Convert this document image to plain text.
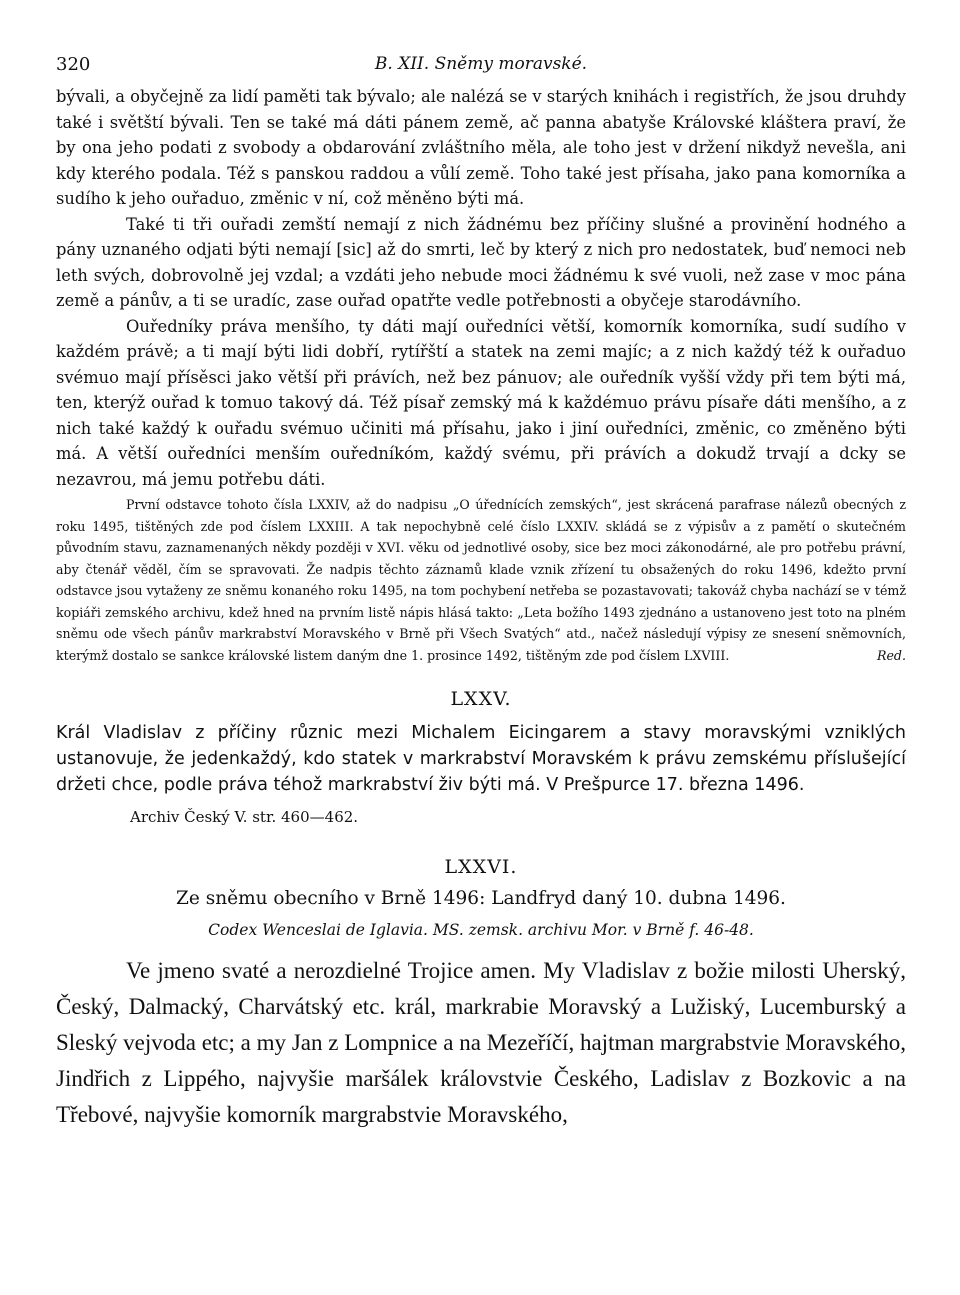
320	B. XII. Sněmy moravské.

bývali, a obyčejně za lidí paměti tak bývalo; ale nalézá se v starých knihách i registřích, že jsou druhdy také i světští bývali. Ten se také má dáti pánem země, ač panna abatyše Královské kláštera praví, že by ona jeho podati z svobody a obdarování zvláštního měla, ale toho jest v držení nikdyž nevešla, ani kdy kterého podala. Též s panskou raddou a vůlí země. Toho také jest přísaha, jako pana komorníka a sudího k jeho ouřaduo, změnic v ní, což měněno býti má.

Také ti tři ouřadi zemští nemají z nich žádnému bez příčiny slušné a provinění hodného a pány uznaného odjati býti nemají [sic] až do smrti, leč by který z nich pro nedostatek, buď nemoci neb leth svých, dobrovolně jej vzdal; a vzdáti jeho nebude moci žádnému k své vuoli, než zase v moc pána země a pánův, a ti se uradíc, zase ouřad opatřte vedle potřebnosti a obyčeje starodávního.

Ouředníky práva menšího, ty dáti mají ouředníci větší, komorník komorníka, sudí sudího v každém právě; a ti mají býti lidi dobří, rytířští a statek na zemi majíc; a z nich každý též k ouřaduo svémuo mají přísěsci jako větší při právích, než bez pánuov; ale ouředník vyšší vždy při tem býti má, ten, kterýž ouřad k tomuo takový dá. Též písař zemský má k každémuo právu písaře dáti menšího, a z nich také každý k ouřadu svémuo učiniti má přísahu, jako i jiní ouředníci, změnic, co změněno býti má. A větší ouředníci menším ouředníkóm, každý svému, při právích a dokudž trvají a dcky se nezavrou, má jemu potřebu dáti.

První odstavce tohoto čísla LXXIV, až do nadpisu „O úřednících zemských“, jest skrácená parafrase nálezů obecných z roku 1495, tištěných zde pod číslem LXXIII. A tak nepochybně celé číslo LXXIV. skládá se z výpisův a z pamětí o skutečném původním stavu, zaznamenaných někdy později v XVI. věku od jednotlivé osoby, sice bez moci zákonodárné, ale pro potřebu právní, aby čtenář věděl, čím se spravovati. Že nadpis těchto záznamů klade vznik zřízení tu obsažených do roku 1496, kdežto první odstavce jsou vytaženy ze sněmu konaného roku 1495, na tom pochybení netřeba se pozastavovati; takováž chyba nachází se v témž kopiáři zemského archivu, kdež hned na prvním listě nápis hlásá takto: „Leta božího 1493 zjednáno a ustanoveno jest toto na plném sněmu ode všech pánův markrabství Moravského v Brně při Všech Svatých“ atd., načež následují výpisy ze snesení sněmovních, kterýmž dostalo se sankce královské listem daným dne 1. prosince 1492, tištěným zde pod číslem LXVIII.	Red.

LXXV.

Král Vladislav z příčiny různic mezi Michalem Eicingarem a stavy moravskými vzniklých ustanovuje, že jedenkaždý, kdo statek v markrabství Moravském k právu zemskému příslušející držeti chce, podle práva téhož markrabství živ býti má. V Prešpurce 17. března 1496.

Archiv Český V. str. 460—462.
LXXVI.
Ze sněmu obecního v Brně 1496: Landfryd daný 10. dubna 1496.
Codex Wenceslai de Iglavia. MS. zemsk. archivu Mor. v Brně f. 46-48.

Ve jmeno svaté a nerozdielné Trojice amen. My Vladislav z božie milosti Uherský, Český, Dalmacký, Charvátský etc. král, markrabie Moravský a Lužiský, Lucemburský a Sleský vejvoda etc; a my Jan z Lompnice a na Mezeříčí, hajtman margrabstvie Moravského, Jindřich z Lippého, najvyšie maršálek královstvie Českého, Ladislav z Bozkovic a na Třebové, najvyšie komorník margrabstvie Moravského,
